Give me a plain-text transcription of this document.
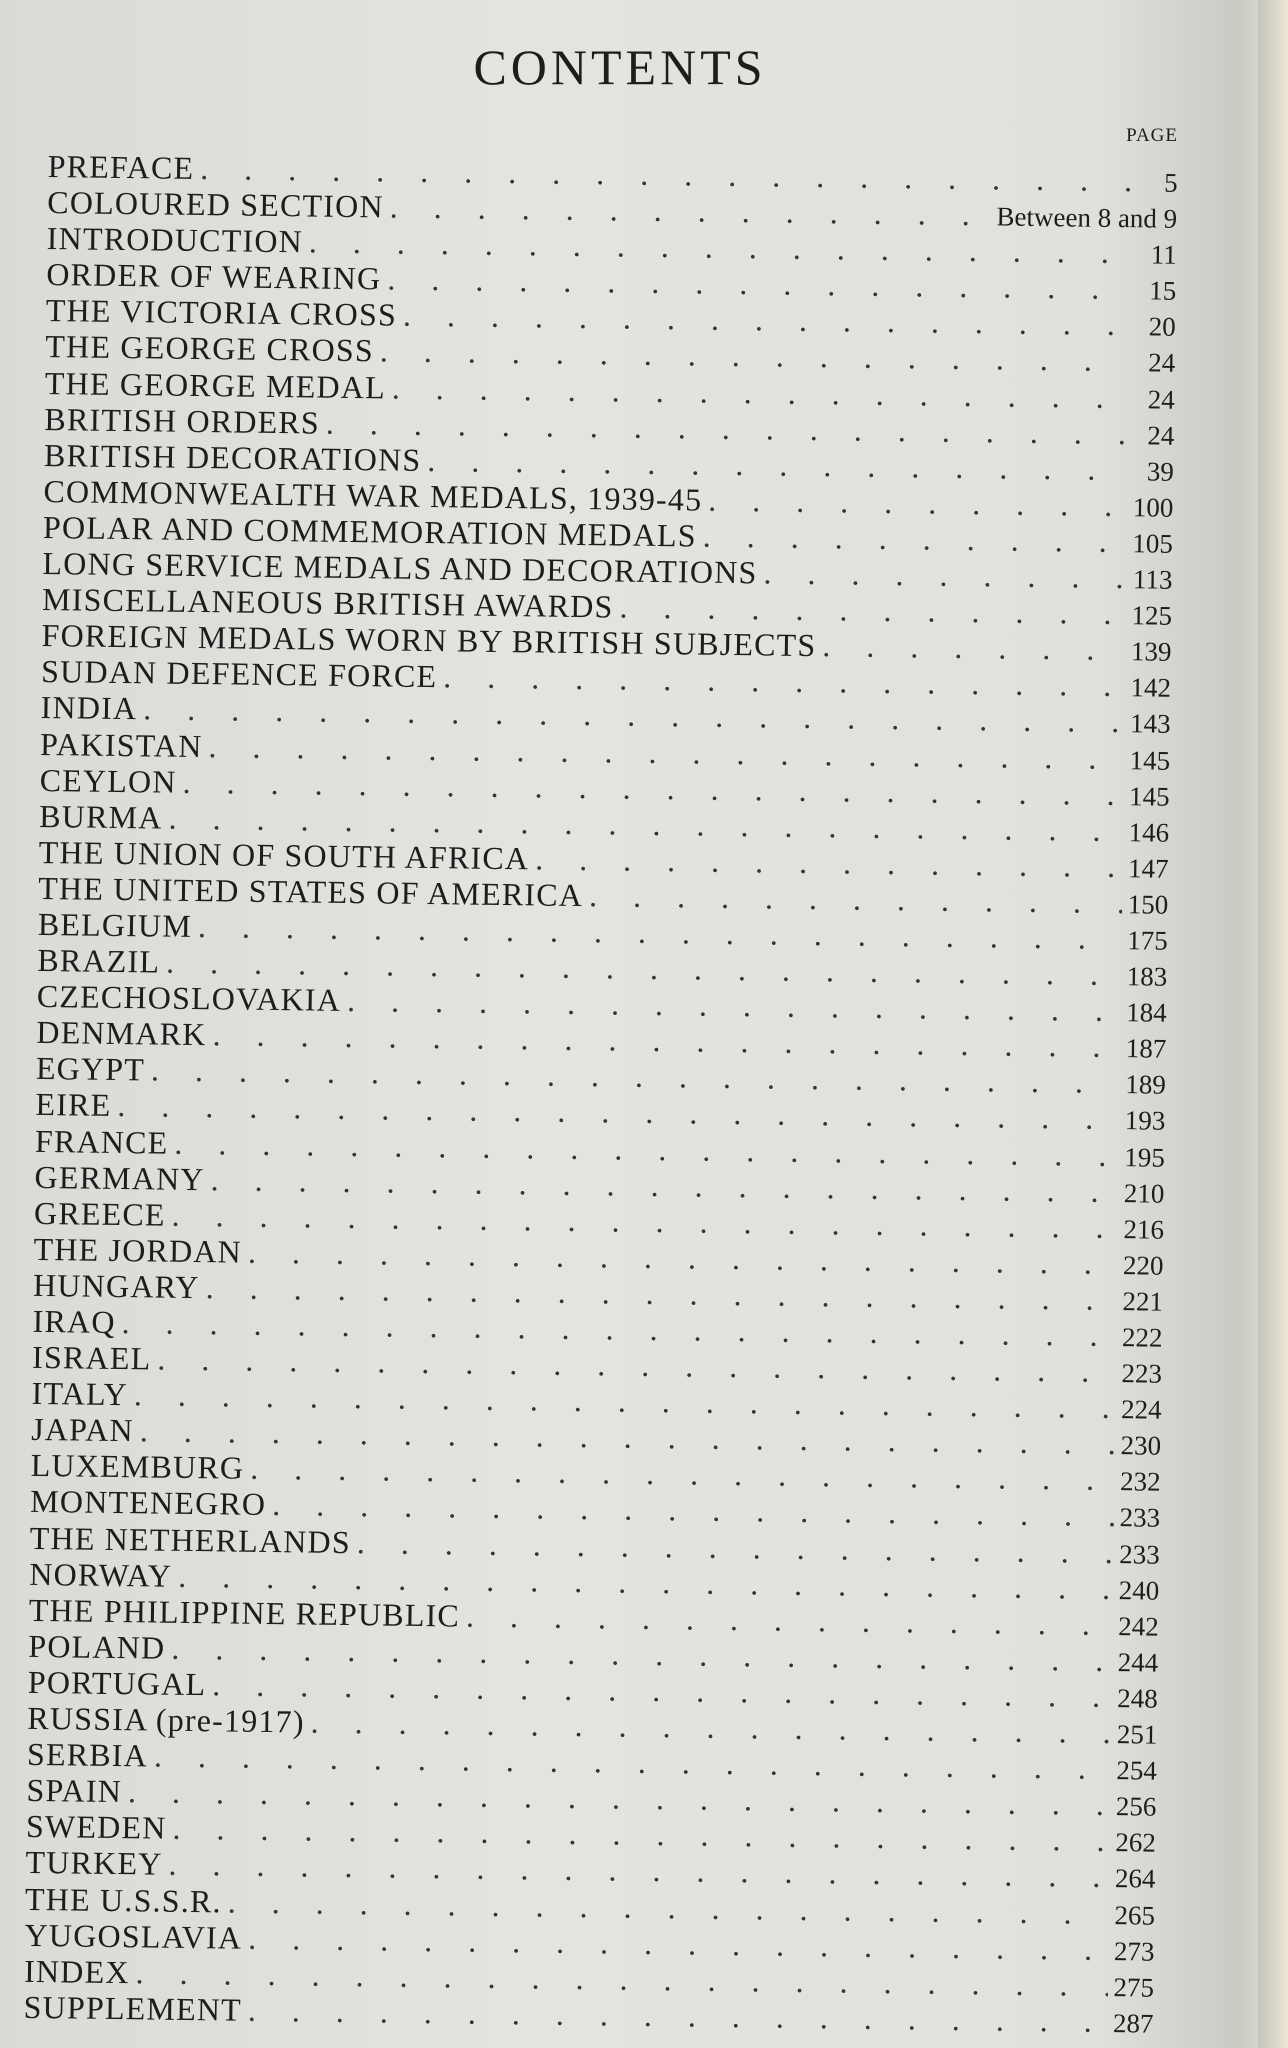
CONTENTS
PAGE
PREFACE . . .	5
COLOURED SECTION . . .	Between 8 and 9
INTRODUCTION . . .	11
ORDER OF WEARING . . .	15
THE VICTORIA CROSS . . .	20
THE GEORGE CROSS . . .	24
THE GEORGE MEDAL . . .	24
BRITISH ORDERS . . .	24
BRITISH DECORATIONS . . .	39
COMMONWEALTH WAR MEDALS, 1939-45 . . .	100
POLAR AND COMMEMORATION MEDALS . . .	105
LONG SERVICE MEDALS AND DECORATIONS . . .	113
MISCELLANEOUS BRITISH AWARDS . . .	125
FOREIGN MEDALS WORN BY BRITISH SUBJECTS . . .	139
SUDAN DEFENCE FORCE . . .	142
INDIA . . .	143
PAKISTAN . . .	145
CEYLON . . .	145
BURMA . . .	146
THE UNION OF SOUTH AFRICA . . .	147
THE UNITED STATES OF AMERICA . . .	150
BELGIUM . . .	175
BRAZIL . . .	183
CZECHOSLOVAKIA . . .	184
DENMARK . . .	187
EGYPT . . .	189
EIRE . . .	193
FRANCE . . .	195
GERMANY . . .	210
GREECE . . .	216
THE JORDAN . . .	220
HUNGARY . . .	221
IRAQ . . .	222
ISRAEL . . .	223
ITALY . . .	224
JAPAN . . .	230
LUXEMBURG . . .	232
MONTENEGRO . . .	233
THE NETHERLANDS . . .	233
NORWAY . . .	240
THE PHILIPPINE REPUBLIC . . .	242
POLAND . . .	244
PORTUGAL . . .	248
RUSSIA (pre-1917) . . .	251
SERBIA . . .	254
SPAIN . . .	256
SWEDEN . . .	262
TURKEY . . .	264
THE U.S.S.R. . . .	265
YUGOSLAVIA . . .	273
INDEX . . .	275
SUPPLEMENT . . .	287
